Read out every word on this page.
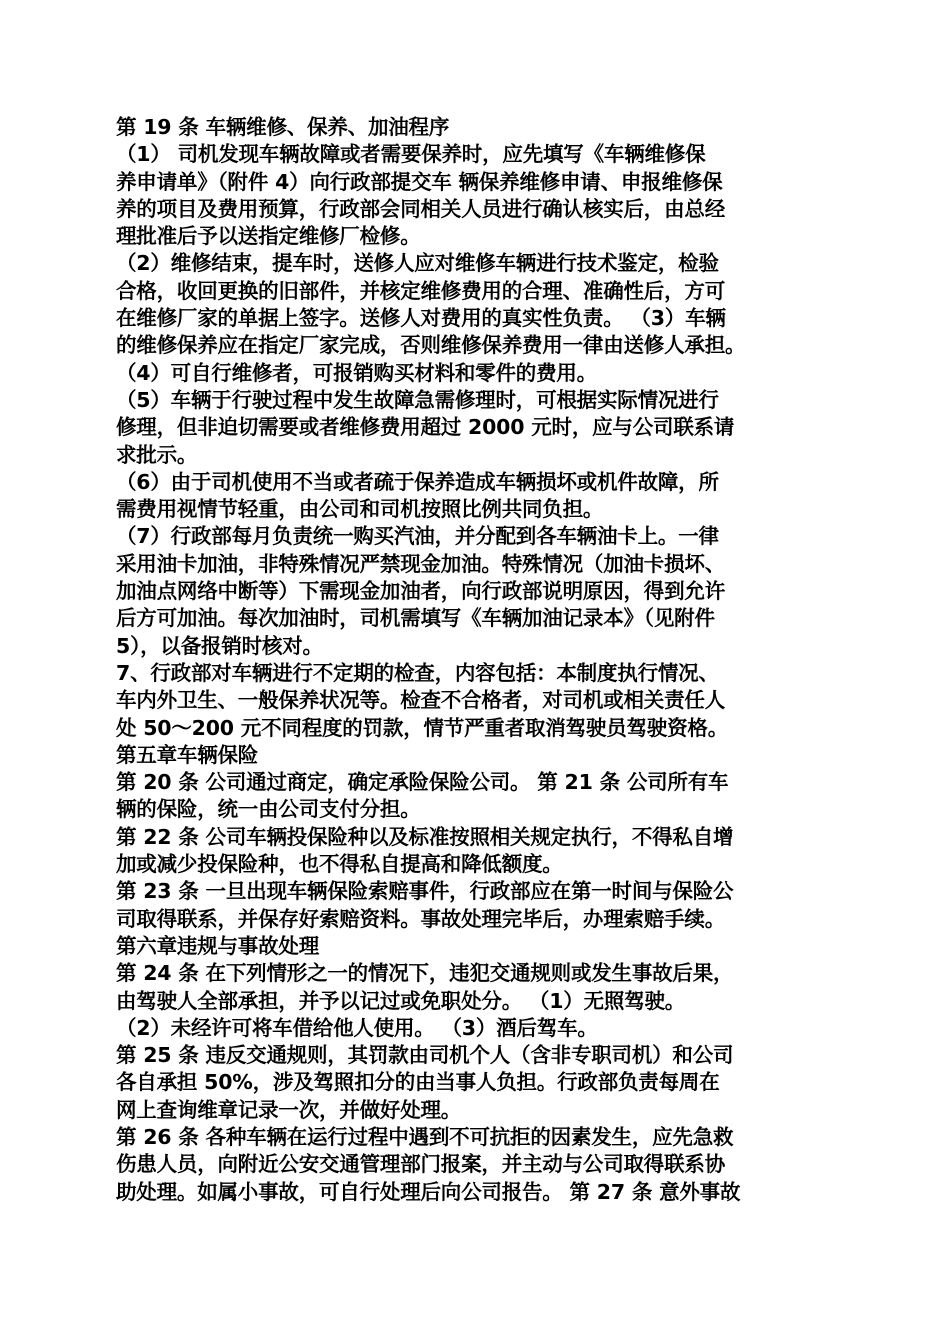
第 19 条 车辆维修、保养、加油程序
（1） 司机发现车辆故障或者需要保养时，应先填写《车辆维修保
养申请单》（附件 4）向行政部提交车 辆保养维修申请、申报维修保
养的项目及费用预算，行政部会同相关人员进行确认核实后，由总经
理批准后予以送指定维修厂检修。
（2）维修结束，提车时，送修人应对维修车辆进行技术鉴定，检验
合格，收回更换的旧部件，并核定维修费用的合理、准确性后，方可
在维修厂家的单据上签字。送修人对费用的真实性负责。 （3）车辆
的维修保养应在指定厂家完成，否则维修保养费用一律由送修人承担。
（4）可自行维修者，可报销购买材料和零件的费用。
（5）车辆于行驶过程中发生故障急需修理时，可根据实际情况进行
修理，但非迫切需要或者维修费用超过 2000 元时，应与公司联系请
求批示。
（6）由于司机使用不当或者疏于保养造成车辆损坏或机件故障，所
需费用视情节轻重，由公司和司机按照比例共同负担。
（7）行政部每月负责统一购买汽油，并分配到各车辆油卡上。一律
采用油卡加油，非特殊情况严禁现金加油。特殊情况（加油卡损坏、
加油点网络中断等）下需现金加油者，向行政部说明原因，得到允许
后方可加油。每次加油时，司机需填写《车辆加油记录本》（见附件
5），以备报销时核对。
7、行政部对车辆进行不定期的检查，内容包括：本制度执行情况、
车内外卫生、一般保养状况等。检查不合格者，对司机或相关责任人
处 50～200 元不同程度的罚款，情节严重者取消驾驶员驾驶资格。
第五章车辆保险
第 20 条 公司通过商定，确定承险保险公司。 第 21 条 公司所有车
辆的保险，统一由公司支付分担。
第 22 条 公司车辆投保险种以及标准按照相关规定执行，不得私自增
加或减少投保险种，也不得私自提高和降低额度。
第 23 条 一旦出现车辆保险索赔事件，行政部应在第一时间与保险公
司取得联系，并保存好索赔资料。事故处理完毕后，办理索赔手续。
第六章违规与事故处理
第 24 条 在下列情形之一的情况下，违犯交通规则或发生事故后果，
由驾驶人全部承担，并予以记过或免职处分。 （1）无照驾驶。
（2）未经许可将车借给他人使用。 （3）酒后驾车。
第 25 条 违反交通规则，其罚款由司机个人（含非专职司机）和公司
各自承担 50%，涉及驾照扣分的由当事人负担。行政部负责每周在
网上查询维章记录一次，并做好处理。
第 26 条 各种车辆在运行过程中遇到不可抗拒的因素发生，应先急救
伤患人员，向附近公安交通管理部门报案，并主动与公司取得联系协
助处理。如属小事故，可自行处理后向公司报告。 第 27 条 意外事故
